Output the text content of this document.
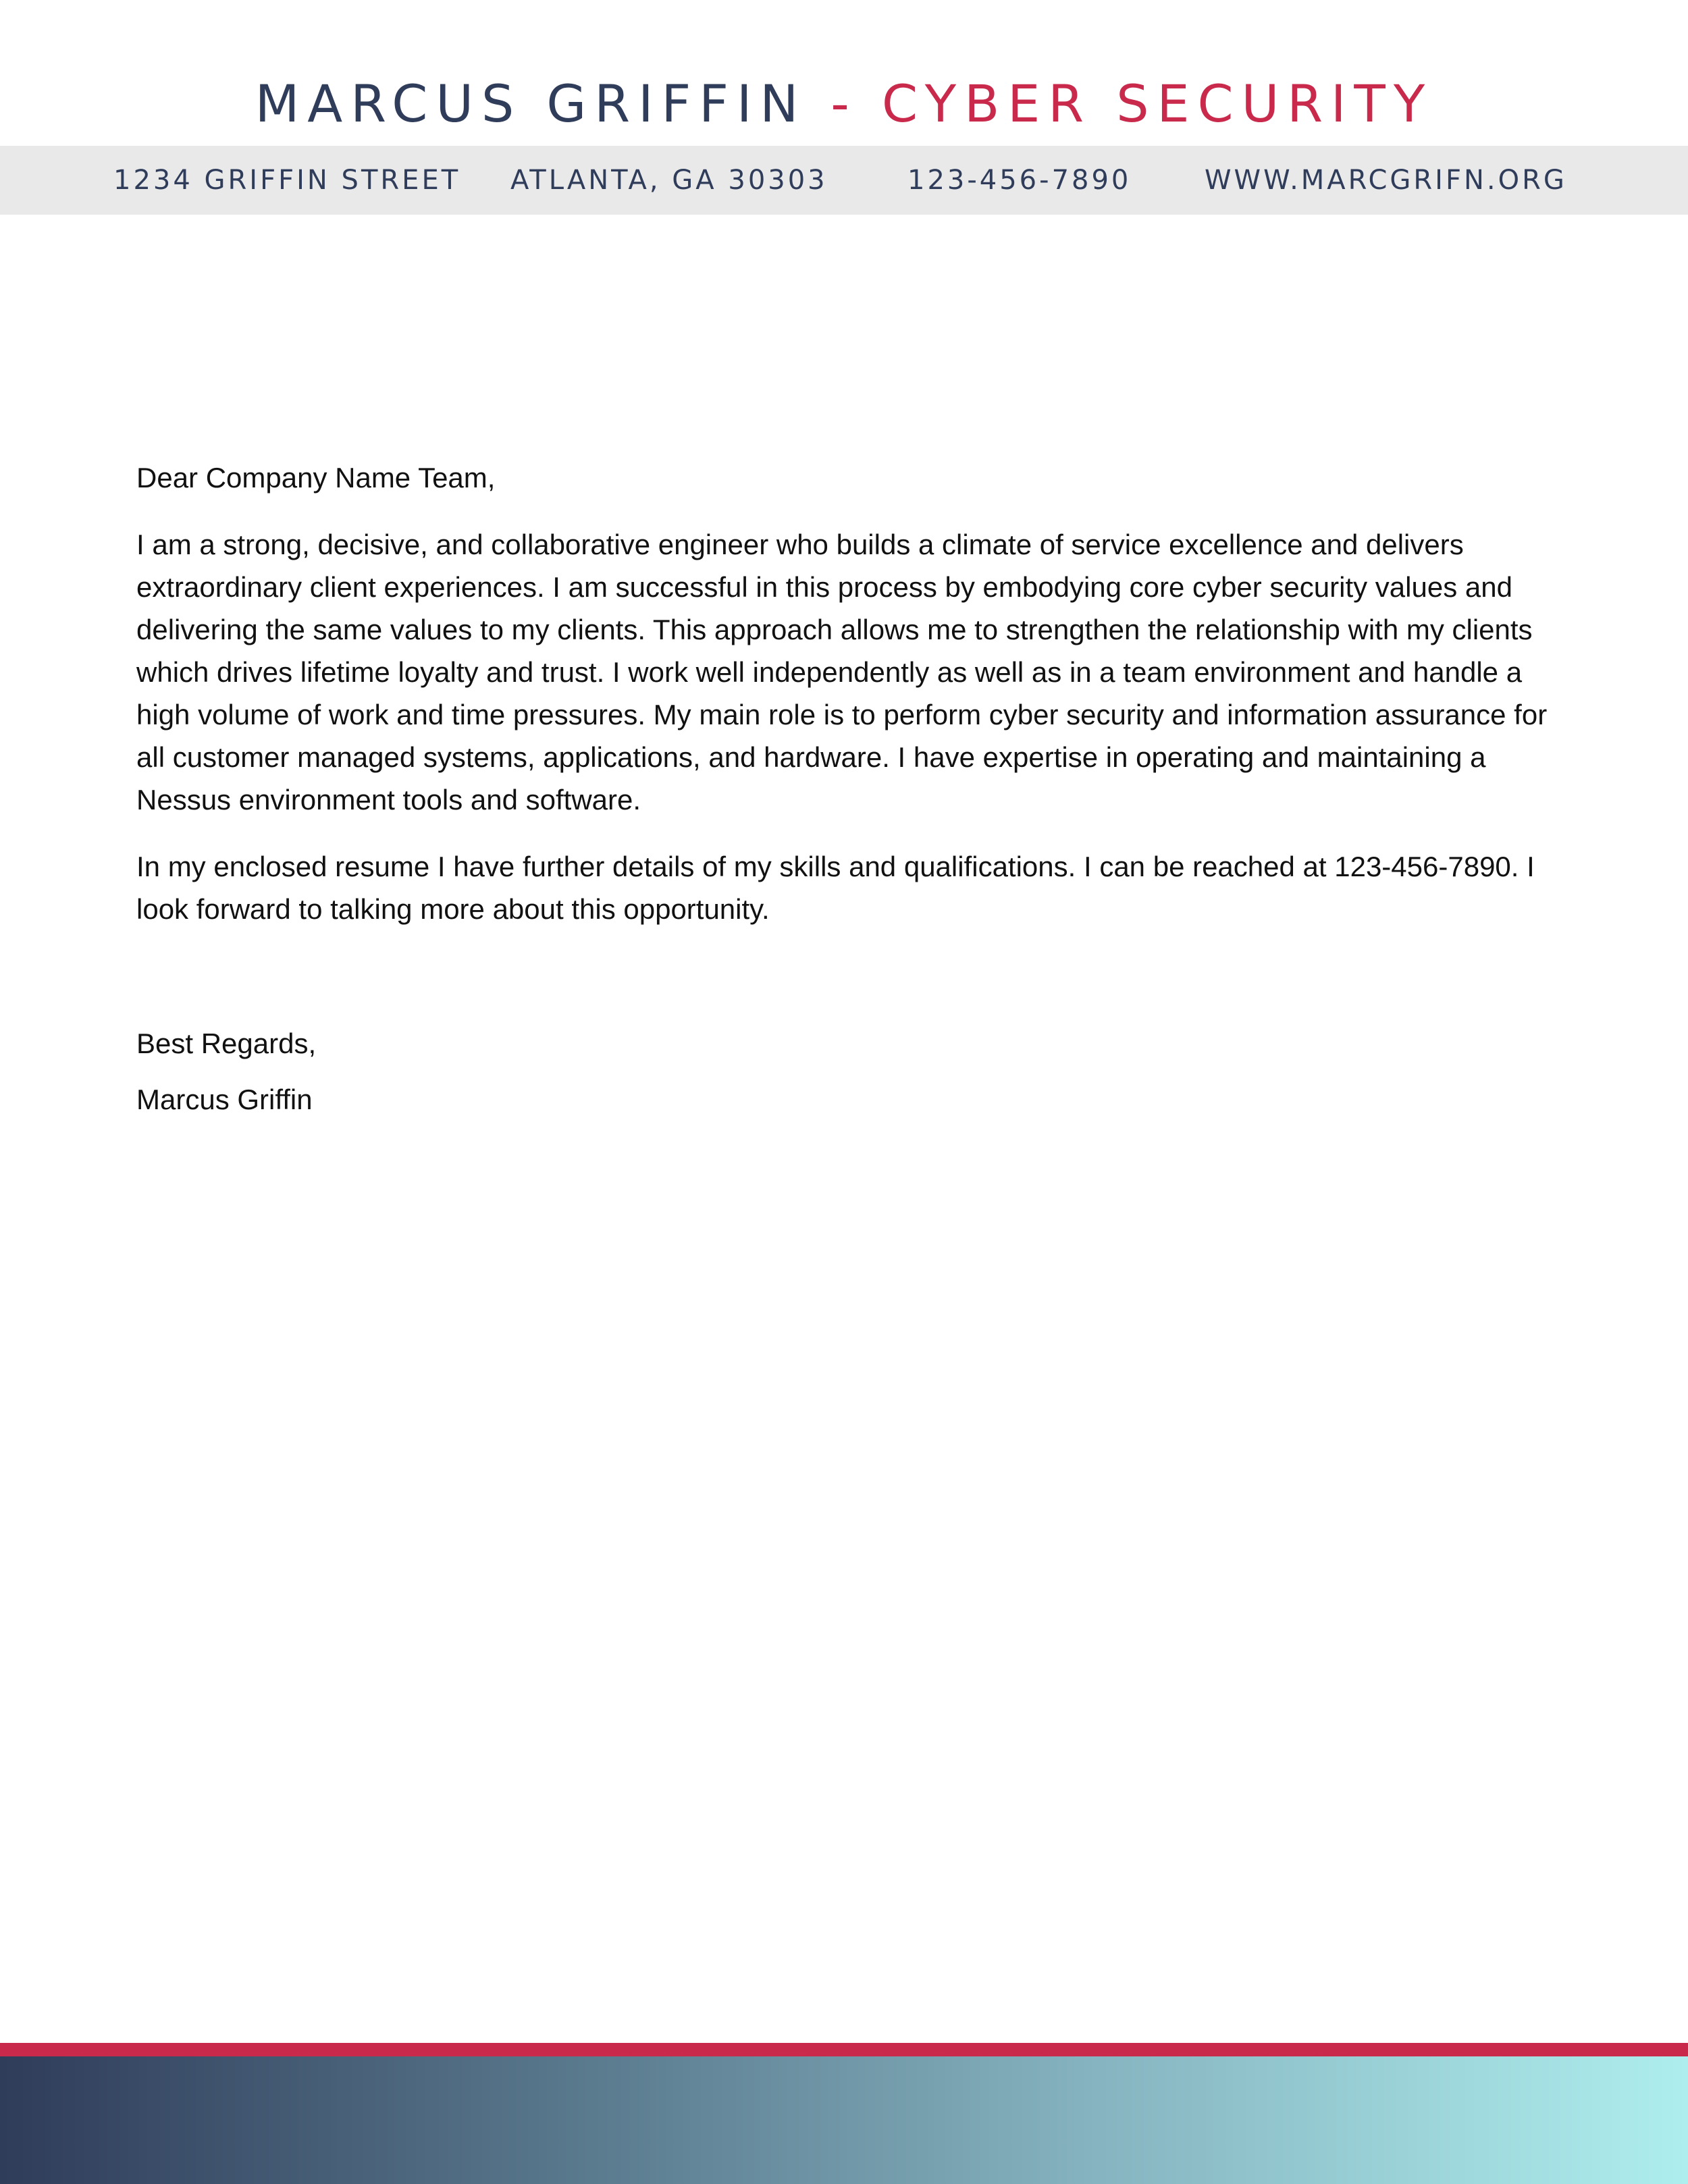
MARCUS GRIFFIN - CYBER SECURITY
1234 GRIFFIN STREET ATLANTA, GA 30303	123-456-7890	WWW.MARCGRIFN.ORG

Dear Company Name Team,

I am a strong, decisive, and collaborative engineer who builds a climate of service excellence and delivers extraordinary client experiences. I am successful in this process by embodying core cyber security values and delivering the same values to my clients. This approach allows me to strengthen the relationship with my clients which drives lifetime loyalty and trust. I work well independently as well as in a team environment and handle a high volume of work and time pressures. My main role is to perform cyber security and information assurance for all customer managed systems, applications, and hardware. I have expertise in operating and maintaining a Nessus environment tools and software.

In my enclosed resume I have further details of my skills and qualifications. I can be reached at 123-456-7890. I look forward to talking more about this opportunity.

Best Regards,

Marcus Griffin
